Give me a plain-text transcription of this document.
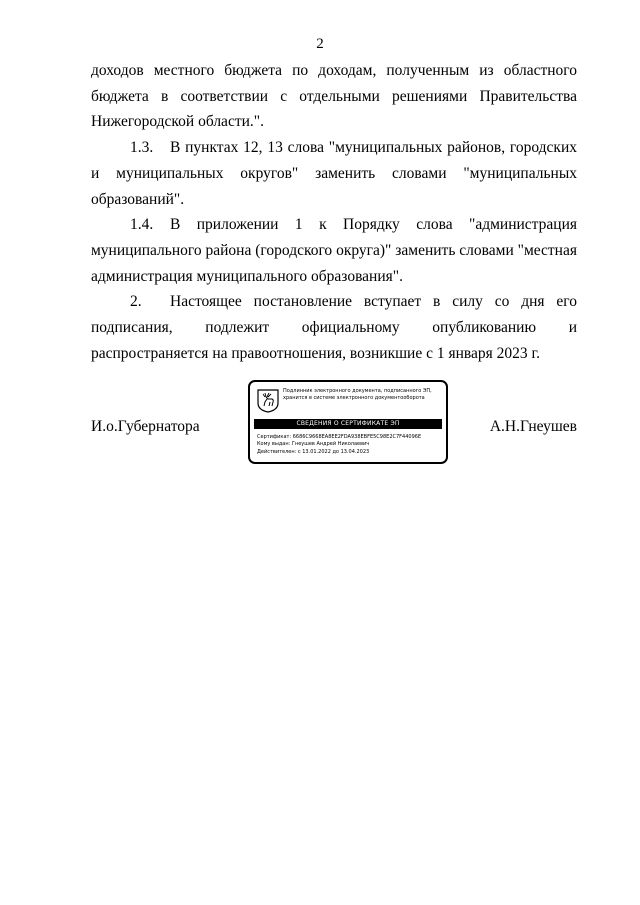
2

доходов местного бюджета по доходам, полученным из областного бюджета в соответствии с отдельными решениями Правительства Нижегородской области.".

1.3. В пунктах 12, 13 слова "муниципальных районов, городских и муниципальных округов" заменить словами "муниципальных образований".

1.4. В приложении 1 к Порядку слова "администрация муниципального района (городского округа)" заменить словами "местная администрация муниципального образования".

2. Настоящее постановление вступает в силу со дня его подписания, подлежит официальному опубликованию и распространяется на правоотношения, возникшие с 1 января 2023 г.

И.о.Губернатора
Подлинник электронного документа, подписанного ЭП,
хранится в системе электронного документооборота
СВЕДЕНИЯ О СЕРТИФИКАТЕ ЭП
Сертификат: 6686C9668EA8EE2FDA938EBFE5C98E2C7F44096E
Кому выдан: Гнеушев Андрей Николаевич
Действителен: с 13.01.2022 до 13.04.2023
А.Н.Гнеушев
